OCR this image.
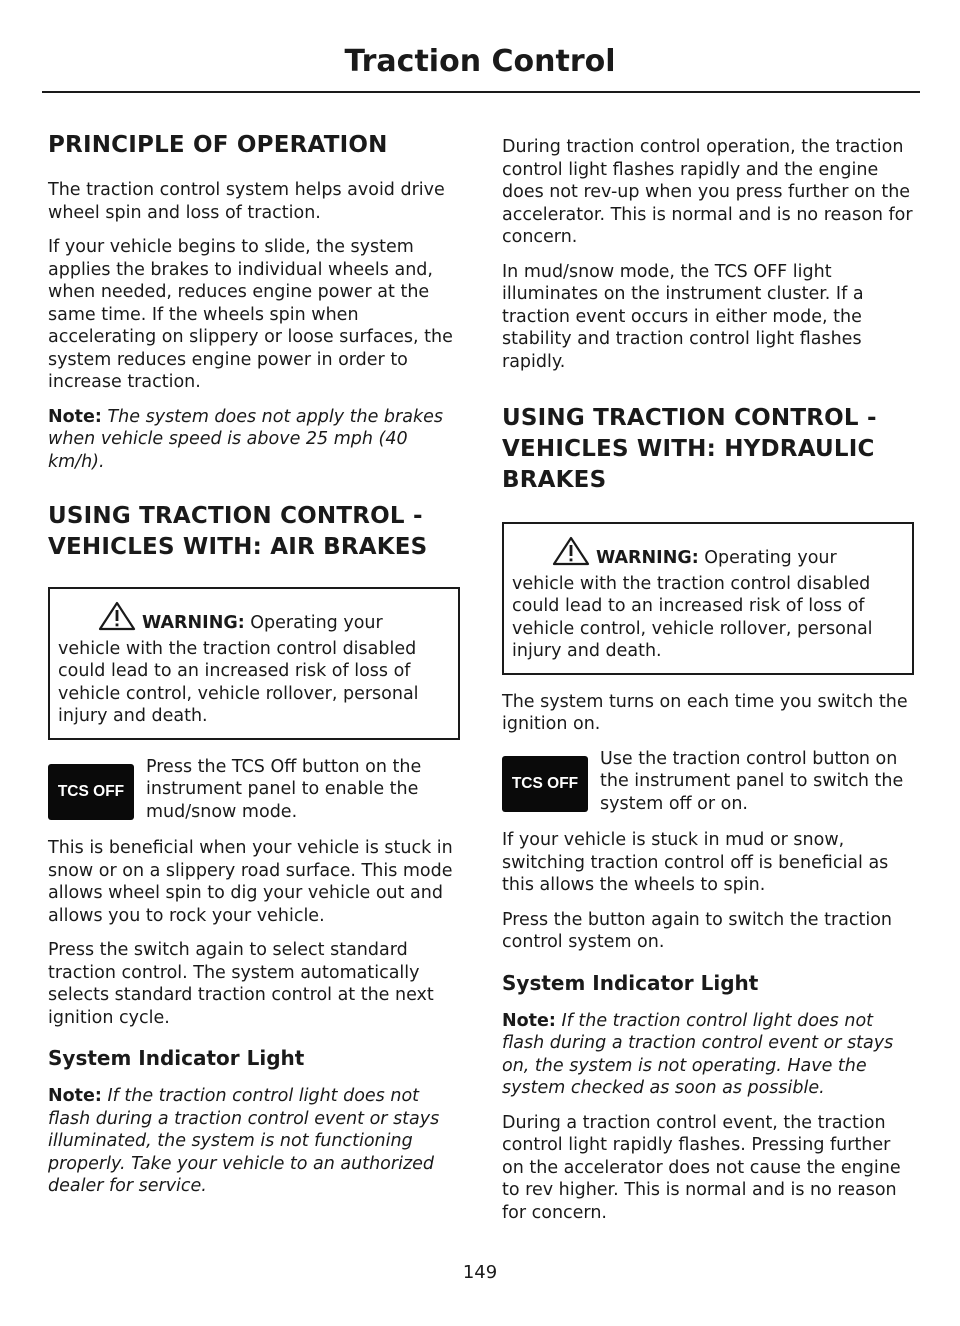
Traction Control
PRINCIPLE OF OPERATION

The traction control system helps avoid drive wheel spin and loss of traction.

If your vehicle begins to slide, the system applies the brakes to individual wheels and, when needed, reduces engine power at the same time. If the wheels spin when accelerating on slippery or loose surfaces, the system reduces engine power in order to increase traction.

Note: The system does not apply the brakes when vehicle speed is above 25 mph (40 km/h).

USING TRACTION CONTROL - VEHICLES WITH: AIR BRAKES
WARNING: Operating your vehicle with the traction control disabled could lead to an increased risk of loss of vehicle control, vehicle rollover, personal injury and death.
TCS OFF
Press the TCS Off button on the instrument panel to enable the mud/snow mode.

This is beneficial when your vehicle is stuck in snow or on a slippery road surface. This mode allows wheel spin to dig your vehicle out and allows you to rock your vehicle.

Press the switch again to select standard traction control. The system automatically selects standard traction control at the next ignition cycle.

System Indicator Light

Note: If the traction control light does not flash during a traction control event or stays illuminated, the system is not functioning properly. Take your vehicle to an authorized dealer for service.

During traction control operation, the traction control light flashes rapidly and the engine does not rev-up when you press further on the accelerator. This is normal and is no reason for concern.

In mud/snow mode, the TCS OFF light illuminates on the instrument cluster. If a traction event occurs in either mode, the stability and traction control light flashes rapidly.

USING TRACTION CONTROL - VEHICLES WITH: HYDRAULIC BRAKES
WARNING: Operating your vehicle with the traction control disabled could lead to an increased risk of loss of vehicle control, vehicle rollover, personal injury and death.

The system turns on each time you switch the ignition on.

TCS OFF
Use the traction control button on the instrument panel to switch the system off or on.

If your vehicle is stuck in mud or snow, switching traction control off is beneficial as this allows the wheels to spin.

Press the button again to switch the traction control system on.

System Indicator Light

Note: If the traction control light does not flash during a traction control event or stays on, the system is not operating. Have the system checked as soon as possible.

During a traction control event, the traction control light rapidly flashes. Pressing further on the accelerator does not cause the engine to rev higher. This is normal and is no reason for concern.

149
